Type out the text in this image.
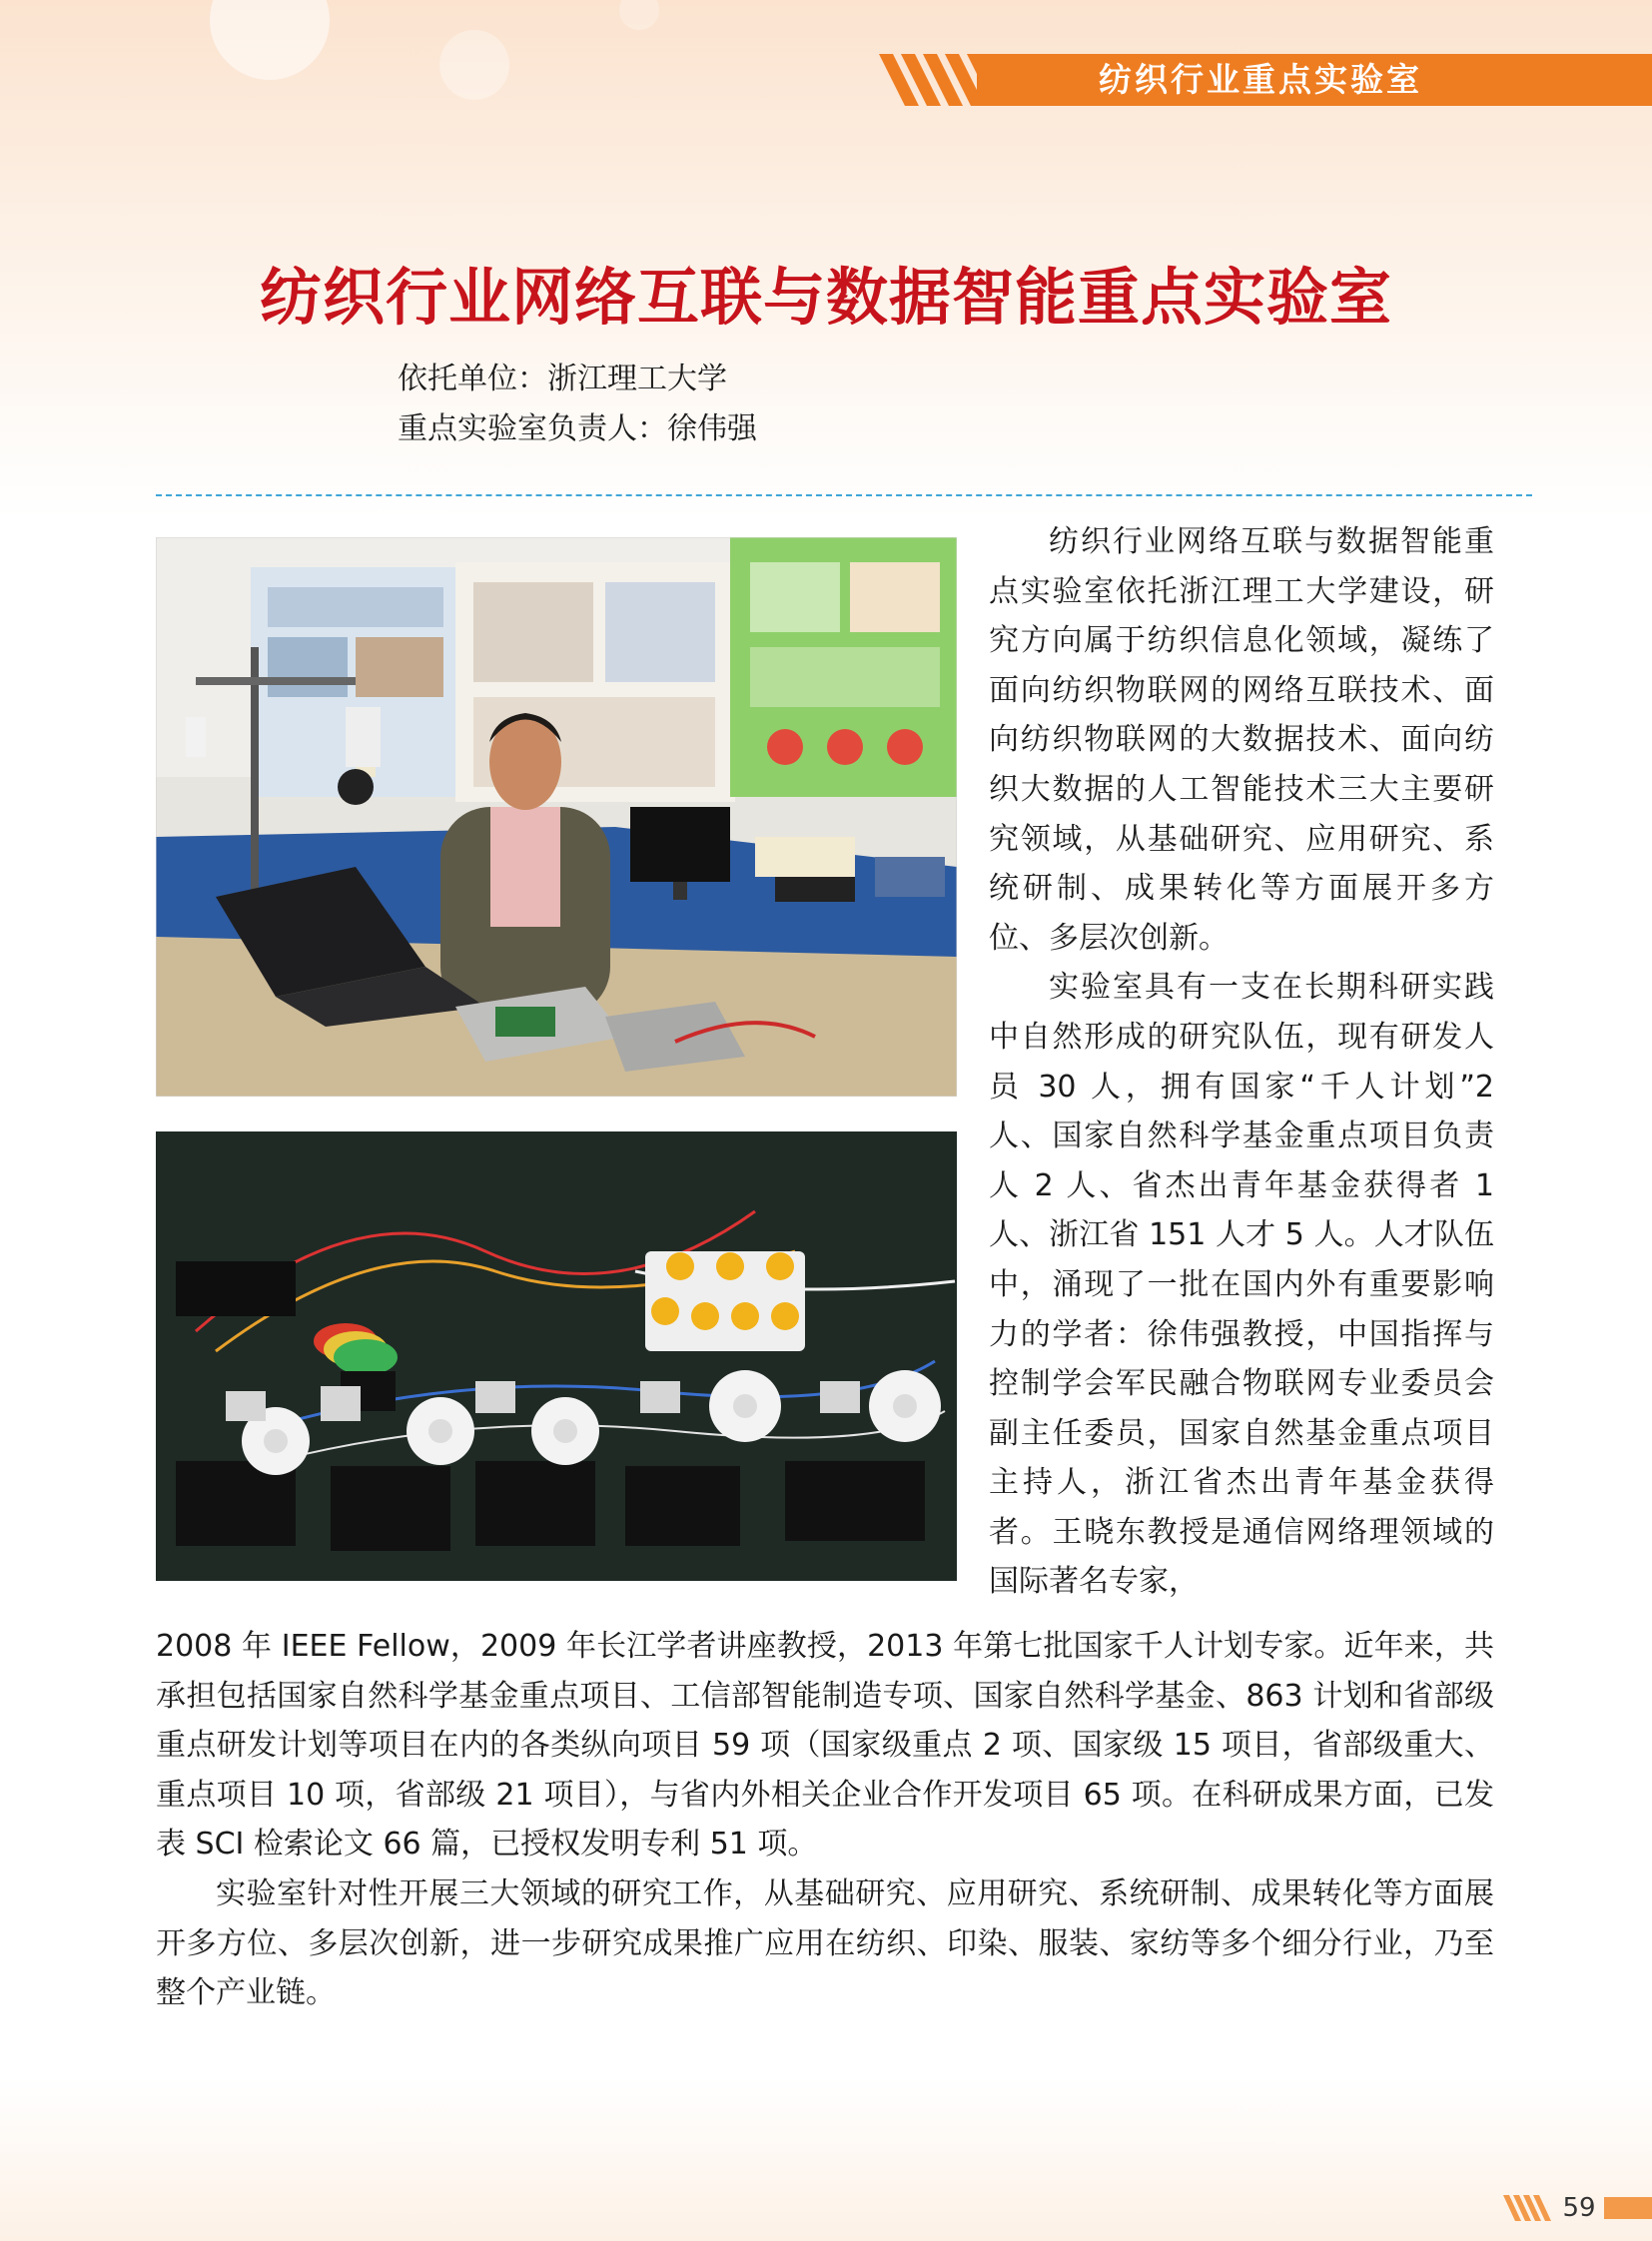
纺织行业重点实验室
纺织行业网络互联与数据智能重点实验室
依托单位：浙江理工大学
重点实验室负责人：徐伟强

纺织行业网络互联与数据智能重点实验室依托浙江理工大学建设，研究方向属于纺织信息化领域，凝练了面向纺织物联网的网络互联技术、面向纺织物联网的大数据技术、面向纺织大数据的人工智能技术三大主要研究领域，从基础研究、应用研究、系统研制、成果转化等方面展开多方位、多层次创新。

实验室具有一支在长期科研实践中自然形成的研究队伍，现有研发人员 30 人，拥有国家“千人计划”2 人、国家自然科学基金重点项目负责人 2 人、省杰出青年基金获得者 1 人、浙江省 151 人才 5 人。人才队伍中，涌现了一批在国内外有重要影响力的学者：徐伟强教授，中国指挥与控制学会军民融合物联网专业委员会副主任委员，国家自然基金重点项目主持人，浙江省杰出青年基金获得者。王晓东教授是通信网络理领域的国际著名专家，

2008 年 IEEE Fellow，2009 年长江学者讲座教授，2013 年第七批国家千人计划专家。近年来，共承担包括国家自然科学基金重点项目、工信部智能制造专项、国家自然科学基金、863 计划和省部级重点研发计划等项目在内的各类纵向项目 59 项（国家级重点 2 项、国家级 15 项目，省部级重大、重点项目 10 项，省部级 21 项目），与省内外相关企业合作开发项目 65 项。在科研成果方面，已发表 SCI 检索论文 66 篇，已授权发明专利 51 项。

实验室针对性开展三大领域的研究工作，从基础研究、应用研究、系统研制、成果转化等方面展开多方位、多层次创新，进一步研究成果推广应用在纺织、印染、服装、家纺等多个细分行业，乃至整个产业链。

59
